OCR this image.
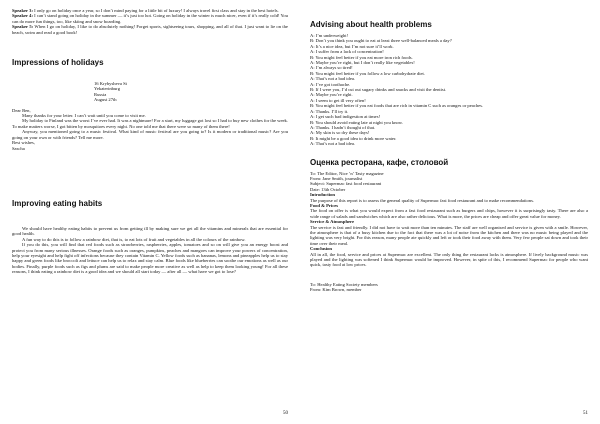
Speaker 3: I only go on holiday once a year, so I don’t mind paying for a little bit of luxury! I always travel first class and stay in the best hotels.

Speaker 4: I can’t stand going on holiday in the summer — it’s just too hot. Going on holiday in the winter is much nicer, even if it’s really cold! You can do more fun things, too, like skiing and snow boarding.

Speaker 5: When I go on holiday, I like to do absolutely nothing! Forget sports, sightseeing tours, shopping, and all of that. I just want to lie on the beach, swim and read a good book!

Impressions of holidays

16 Krybysheva St

Yekaterinburg

Russia

August 27th

Dear Ben,

Many thanks for your letter. I can’t wait until you come to visit me.

My holiday to Finland was the worst I’ve ever had. It was a nightmare! For a start, my luggage got lost so I had to buy new clothes for the week. To make matters worse, I got bitten by mosquitoes every night. No one told me that there were so many of them there!

Anyway, you mentioned going to a music festival. What kind of music festival are you going to? Is it modern or traditional music? Are you going on your own or with friends? Tell me more.

Best wishes,

Sascha

Improving eating habits

We should have healthy eating habits to prevent us from getting ill by making sure we get all the vitamins and minerals that are essential for good health.

A fun way to do this is to follow a rainbow diet, that is, to eat lots of fruit and vegetables in all the colours of the rainbow.

If you do this, you will find that red foods such as strawberries, raspberries, apples, tomatoes and so on will give you an energy boost and protect you from many serious illnesses. Orange foods such as oranges, pumpkins, peaches and mangoes can improve your powers of concentration, help your eyesight and help fight off infections because they contain Vitamin C. Yellow foods such as bananas, lemons and pineapples help us to stay happy and green foods like broccoli and lettuce can help us to relax and stay calm. Blue foods like blueberries can soothe our emotions as well as our bodies. Finally, purple foods such as figs and plums are said to make people more creative as well as help to keep them looking young! For all these reasons, I think eating a rainbow diet is a good idea and we should all start today — after all — what have we got to lose?

50
Advising about health problems

A: I’m underweight!

B: Don’t you think you ought to eat at least three well-balanced meals a day?

A: It’s a nice idea, but I’m not sure it’ll work.

A: I suffer from a lack of concentration!

B: You might feel better if you eat more iron rich foods.

A: Maybe you’re right, but I don’t really like vegetables!

A: I’m always so tired!

B: You might feel better if you follow a low carbohydrate diet.

A: That’s not a bad idea.

A: I’ve got toothache.

B: If I were you, I’d cut out sugary drinks and snacks and visit the dentist.

A: Maybe you’re right.

A: I seem to get ill very often!

B: You might feel better if you eat foods that are rich in vitamin C such as oranges or peaches.

A: Thanks. I’ll try it.

A: I get such bad indigestion at times!

B: You should avoid eating late at night you know.

A: Thanks. I hadn’t thought of that.

A: My skin is so dry these days!

B: It might be a good idea to drink more water.

A: That’s not a bad idea.

Оценка ресторана, кафе, столовой

To: The Editor, Nice ’n’ Tasty magazine

From: Jane Smith, journalist

Subject: Supermac fast food restaurant

Date: 13th October

Introduction

The purpose of this report is to assess the general quality of Supermac fast food restaurant and to make recommendations.

Food & Prices

The food on offer is what you would expect from a fast food restaurant such as burgers and chips, however it is surprisingly tasty. There are also a wide range of salads and sandwiches which are also rather delicious. What is more, the prices are cheap and offer great value for money.

Service & Atmosphere

The service is fast and friendly. I did not have to wait more than ten minutes. The staff are well organised and service is given with a smile. However, the atmosphere is that of a busy kitchen due to the fact that there was a lot of noise from the kitchen and there was no music being played and the lighting was very bright. For this reason, many people ate quickly and left or took their food away with them. Very few people sat down and took their time over their meal.

Conclusion

All in all, the food, service and prices at Supermac are excellent. The only thing the restaurant lacks is atmosphere. If lively background music was played and the lighting was softened I think Supermac would be improved. However, in spite of this, I recommend Supermac for people who want quick, tasty food at low prices.

To: Healthy Eating Society members

From: Kim Brown, member

51
